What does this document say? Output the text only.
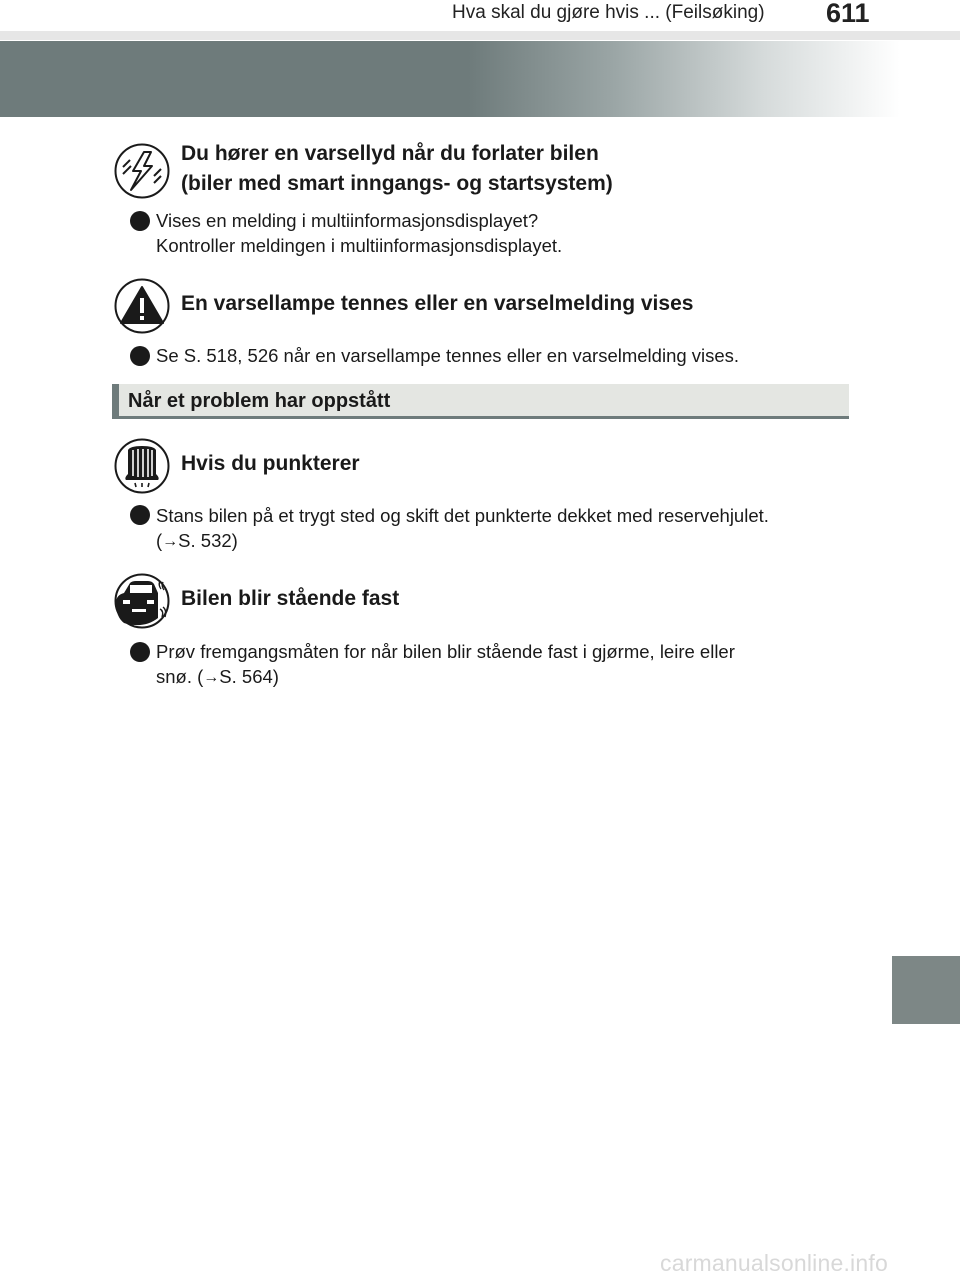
Hva skal du gjøre hvis ... (Feilsøking) 611
Du hører en varsellyd når du forlater bilen
(biler med smart inngangs- og startsystem)
Vises en melding i multiinformasjonsdisplayet?
Kontroller meldingen i multiinformasjonsdisplayet.
En varsellampe tennes eller en varselmelding vises
Se S. 518, 526 når en varsellampe tennes eller en varselmelding vises.
Når et problem har oppstått
Hvis du punkterer
Stans bilen på et trygt sted og skift det punkterte dekket med reservehjulet.
(→S. 532)
Bilen blir stående fast
Prøv fremgangsmåten for når bilen blir stående fast i gjørme, leire eller
snø. (→S. 564)
carmanualsonline.info
